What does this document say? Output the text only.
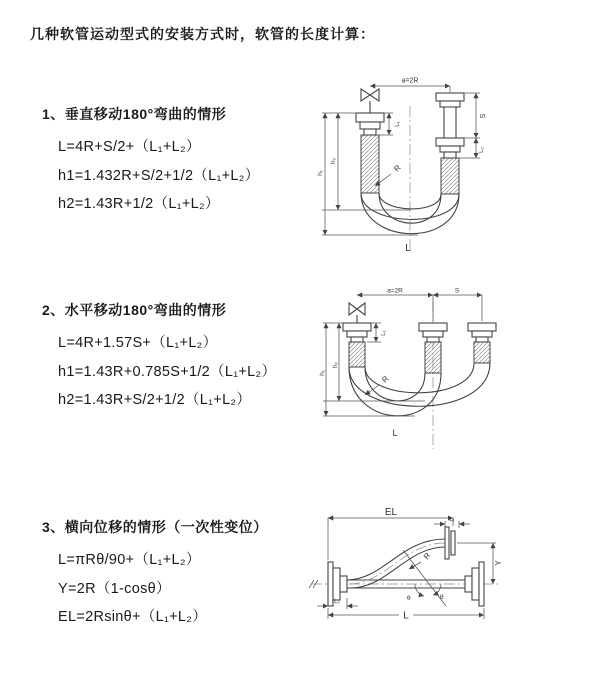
几种软管运动型式的安装方式时，软管的长度计算：
1、垂直移动180°弯曲的情形
L=4R+S/2+（L₁+L₂）
h1=1.432R+S/2+1/2（L₁+L₂）
h2=1.43R+1/2（L₁+L₂）
2、水平移动180°弯曲的情形
L=4R+1.57S+（L₁+L₂）
h1=1.43R+0.785S+1/2（L₁+L₂）
h2=1.43R+S/2+1/2（L₁+L₂）
3、横向位移的情形（一次性变位）
L=πRθ/90+（L₁+L₂）
Y=2R（1-cosθ）
EL=2Rsinθ+（L₁+L₂）
a=2R
S
L₂
L₁
h₂
h₁	R
L
a=2R	S
h₂
h₁
L₁
R
L
EL
L₁
Y
L
L₂
R
θ
θ
